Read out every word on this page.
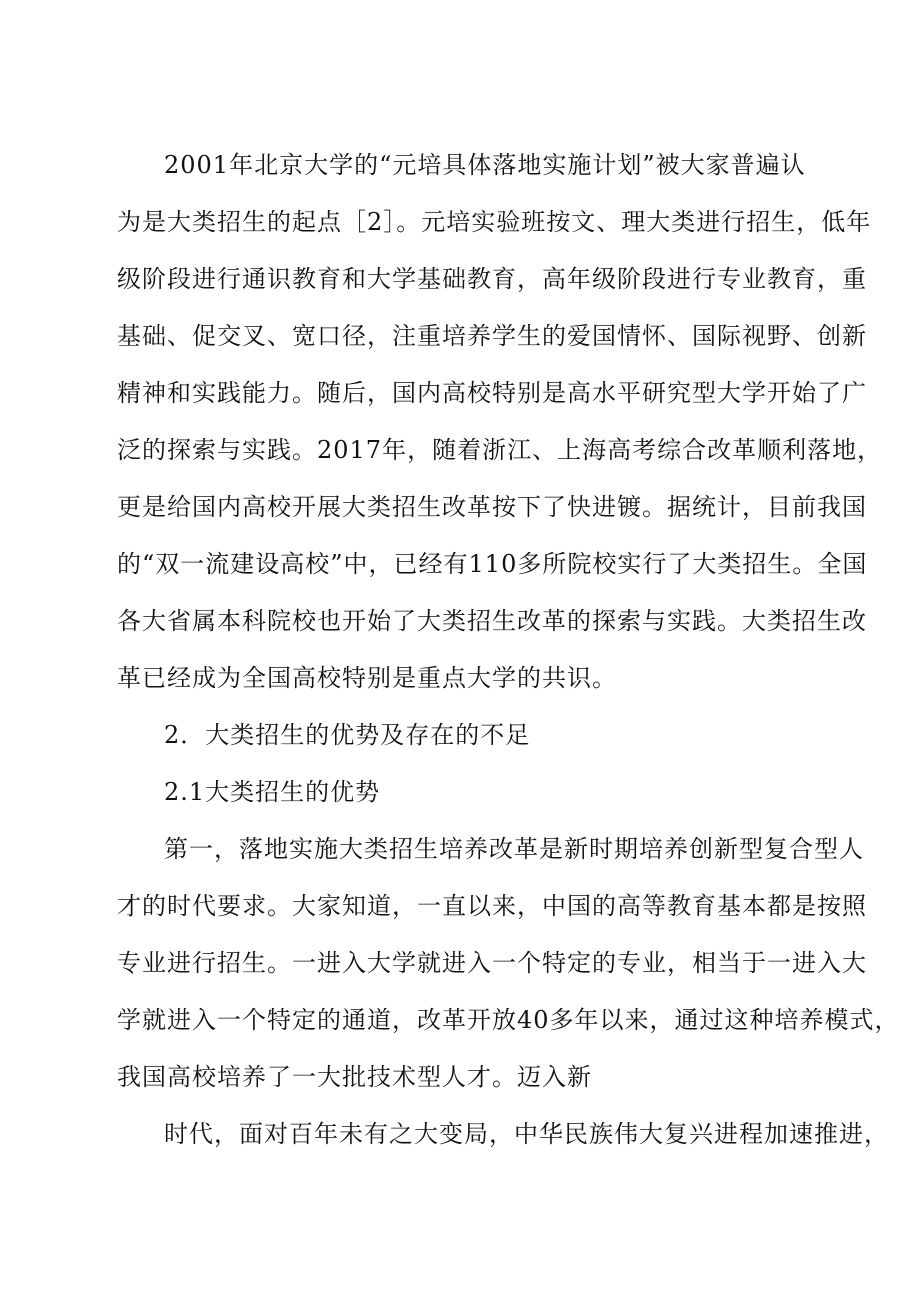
2001年北京大学的“元培具体落地实施计划”被大家普遍认
为是大类招生的起点［2］。元培实验班按文、理大类进行招生，低年
级阶段进行通识教育和大学基础教育，高年级阶段进行专业教育，重
基础、促交叉、宽口径，注重培养学生的爱国情怀、国际视野、创新
精神和实践能力。随后，国内高校特别是高水平研究型大学开始了广
泛的探索与实践。2017年，随着浙江、上海高考综合改革顺利落地，
更是给国内高校开展大类招生改革按下了快进镀。据统计，目前我国
的“双一流建设高校”中，已经有110多所院校实行了大类招生。全国
各大省属本科院校也开始了大类招生改革的探索与实践。大类招生改
革已经成为全国高校特别是重点大学的共识。
2．大类招生的优势及存在的不足
2.1大类招生的优势
第一，落地实施大类招生培养改革是新时期培养创新型复合型人
才的时代要求。大家知道，一直以来，中国的高等教育基本都是按照
专业进行招生。一进入大学就进入一个特定的专业，相当于一进入大
学就进入一个特定的通道，改革开放40多年以来，通过这种培养模式，
我国高校培养了一大批技术型人才。迈入新
时代，面对百年未有之大变局，中华民族伟大复兴进程加速推进，
